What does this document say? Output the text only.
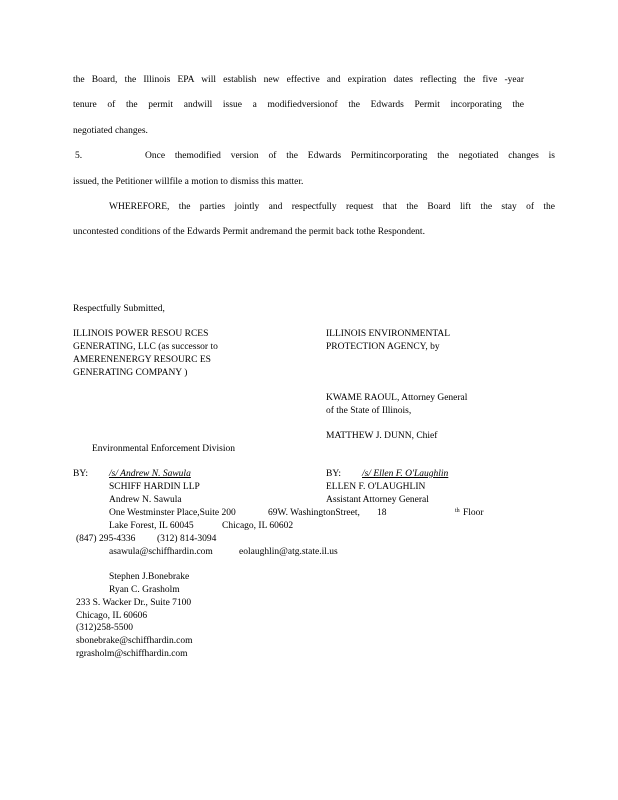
the Board, the Illinois EPA will establish new effective and expiration dates reflecting the five -year
tenure of the permit andwill issue a modifiedversionof the Edwards Permit incorporating the
negotiated changes.
5.	Once themodified version of the Edwards Permitincorporating the negotiated changes is
issued, the Petitioner willfile a motion to dismiss this matter.
WHEREFORE, the parties jointly and respectfully request that the Board lift the stay of the
uncontested conditions of the Edwards Permit andremand the permit back tothe Respondent.
Respectfully Submitted,
ILLINOIS POWER RESOU RCES
GENERATING, LLC (as successor to
AMERENENERGY RESOURC ES
GENERATING COMPANY )
ILLINOIS ENVIRONMENTAL
PROTECTION AGENCY, by
KWAME RAOUL, Attorney General
of the State of Illinois,
MATTHEW J. DUNN, Chief
Environmental Enforcement Division
BY: /s/ Andrew N. Sawula	BY: /s/ Ellen F. O'Laughlin
SCHIFF HARDIN LLP	ELLEN F. O'LAUGHLIN
Andrew N. Sawula	Assistant Attorney General
One Westminster Place,Suite 200	69W. WashingtonStreet, 18	th Floor
Lake Forest, IL 60045	Chicago, IL 60602
(847) 295-4336 (312) 814-3094
asawula@schiffhardin.com	eolaughlin@atg.state.il.us
Stephen J.Bonebrake
Ryan C. Grasholm
233 S. Wacker Dr., Suite 7100
Chicago, IL 60606
(312)258-5500
sbonebrake@schiffhardin.com
rgrasholm@schiffhardin.com
